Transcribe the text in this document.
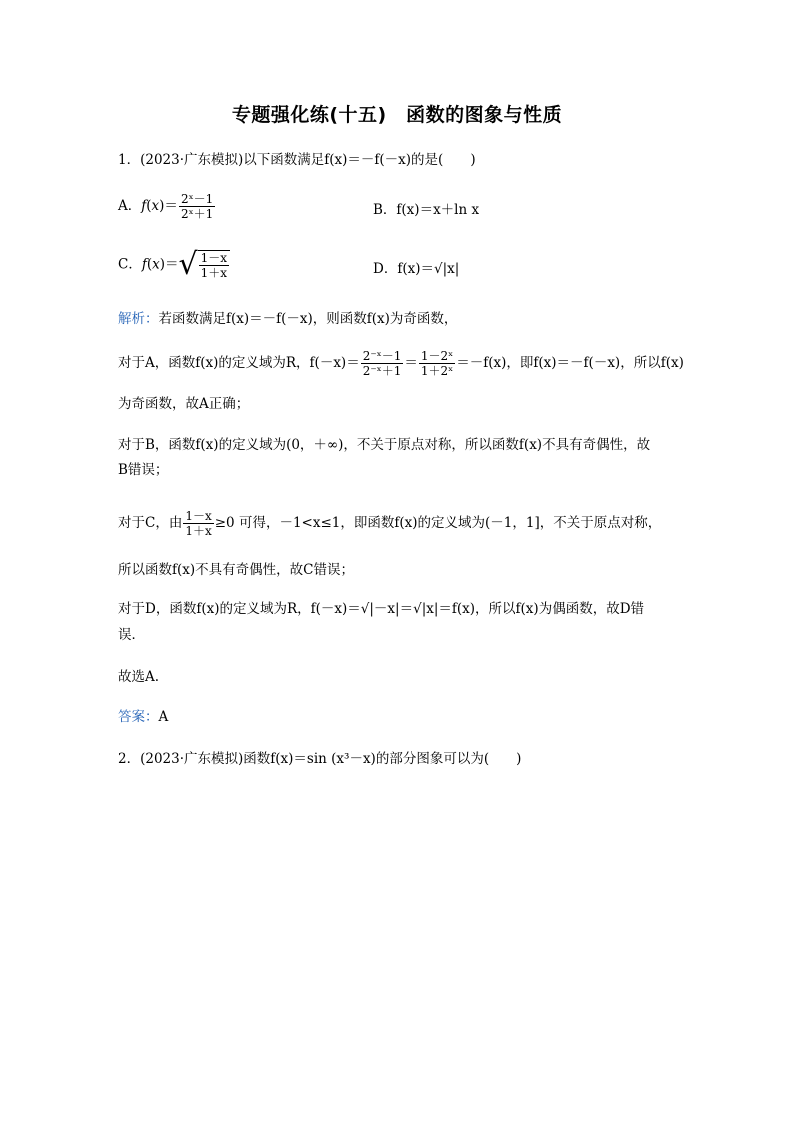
专题强化练(十五)　函数的图象与性质
1．(2023·广东模拟)以下函数满足f(x)＝－f(－x)的是(　　)
A．$f(x)= \frac{\text{2ˣ－1}}{\text{2ˣ＋1}}$	B．f(x)＝x＋ln x
C．$f(x)=√ \frac{1-x}{1+x}$	D．f(x)＝√|x|
解析：若函数满足f(x)＝－f(－x)，则函数f(x)为奇函数，
对于A，函数f(x)的定义域为R，$f(-x)= \frac{\text{2⁻ˣ－1}}{\text{2⁻ˣ＋1}} = \frac{\text{1－2ˣ}}{\text{1＋2ˣ}} =-f(x)$，即f(x)＝－f(－x)，所以f(x)
为奇函数，故A正确；
对于B，函数f(x)的定义域为(0，＋∞)，不关于原点对称，所以函数f(x)不具有奇偶性，故
B错误；
对于C，由 $\frac{1-x}{1+x} \ge 0$ 可得，－1<x≤1，即函数f(x)的定义域为(－1，1]，不关于原点对称，
所以函数f(x)不具有奇偶性，故C错误；
对于D，函数f(x)的定义域为R，f(－x)＝√|－x|＝√|x|＝f(x)，所以f(x)为偶函数，故D错
误．
故选A.
答案：A
2．(2023·广东模拟)函数f(x)＝sin (x³－x)的部分图象可以为(　　)
